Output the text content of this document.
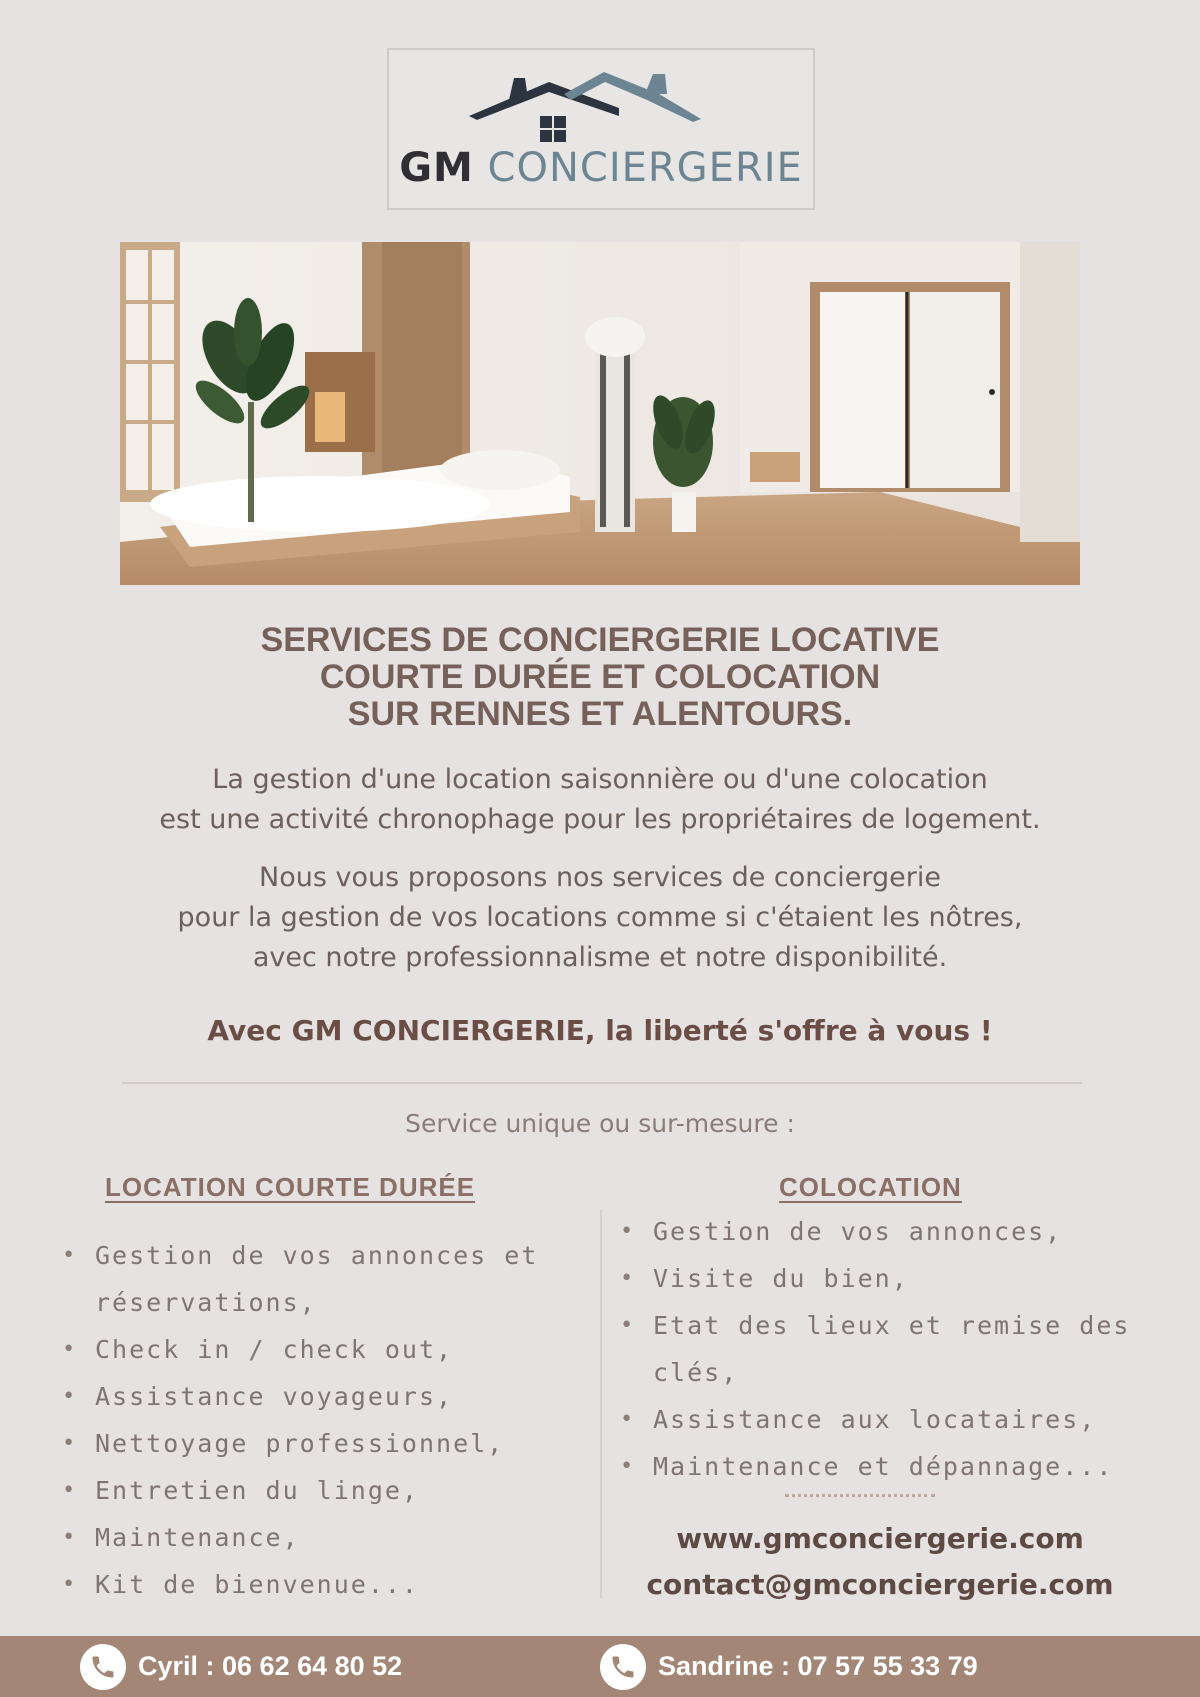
GM CONCIERGERIE
SERVICES DE CONCIERGERIE LOCATIVE
COURTE DURÉE ET COLOCATION
SUR RENNES ET ALENTOURS.
La gestion d'une location saisonnière ou d'une colocation
est une activité chronophage pour les propriétaires de logement.
Nous vous proposons nos services de conciergerie
pour la gestion de vos locations comme si c'étaient les nôtres,
avec notre professionnalisme et notre disponibilité.
Avec GM CONCIERGERIE, la liberté s'offre à vous !
Service unique ou sur-mesure :
LOCATION COURTE DURÉE	COLOCATION
• Gestion de vos annonces et réservations,
• Check in / check out,
• Assistance voyageurs,
• Nettoyage professionnel,
• Entretien du linge,
• Maintenance,
• Kit de bienvenue...
• Gestion de vos annonces,
• Visite du bien,
• Etat des lieux et remise des clés,
• Assistance aux locataires,
• Maintenance et dépannage...
www.gmconciergerie.com
contact@gmconciergerie.com
Cyril : 06 62 64 80 52	Sandrine : 07 57 55 33 79
